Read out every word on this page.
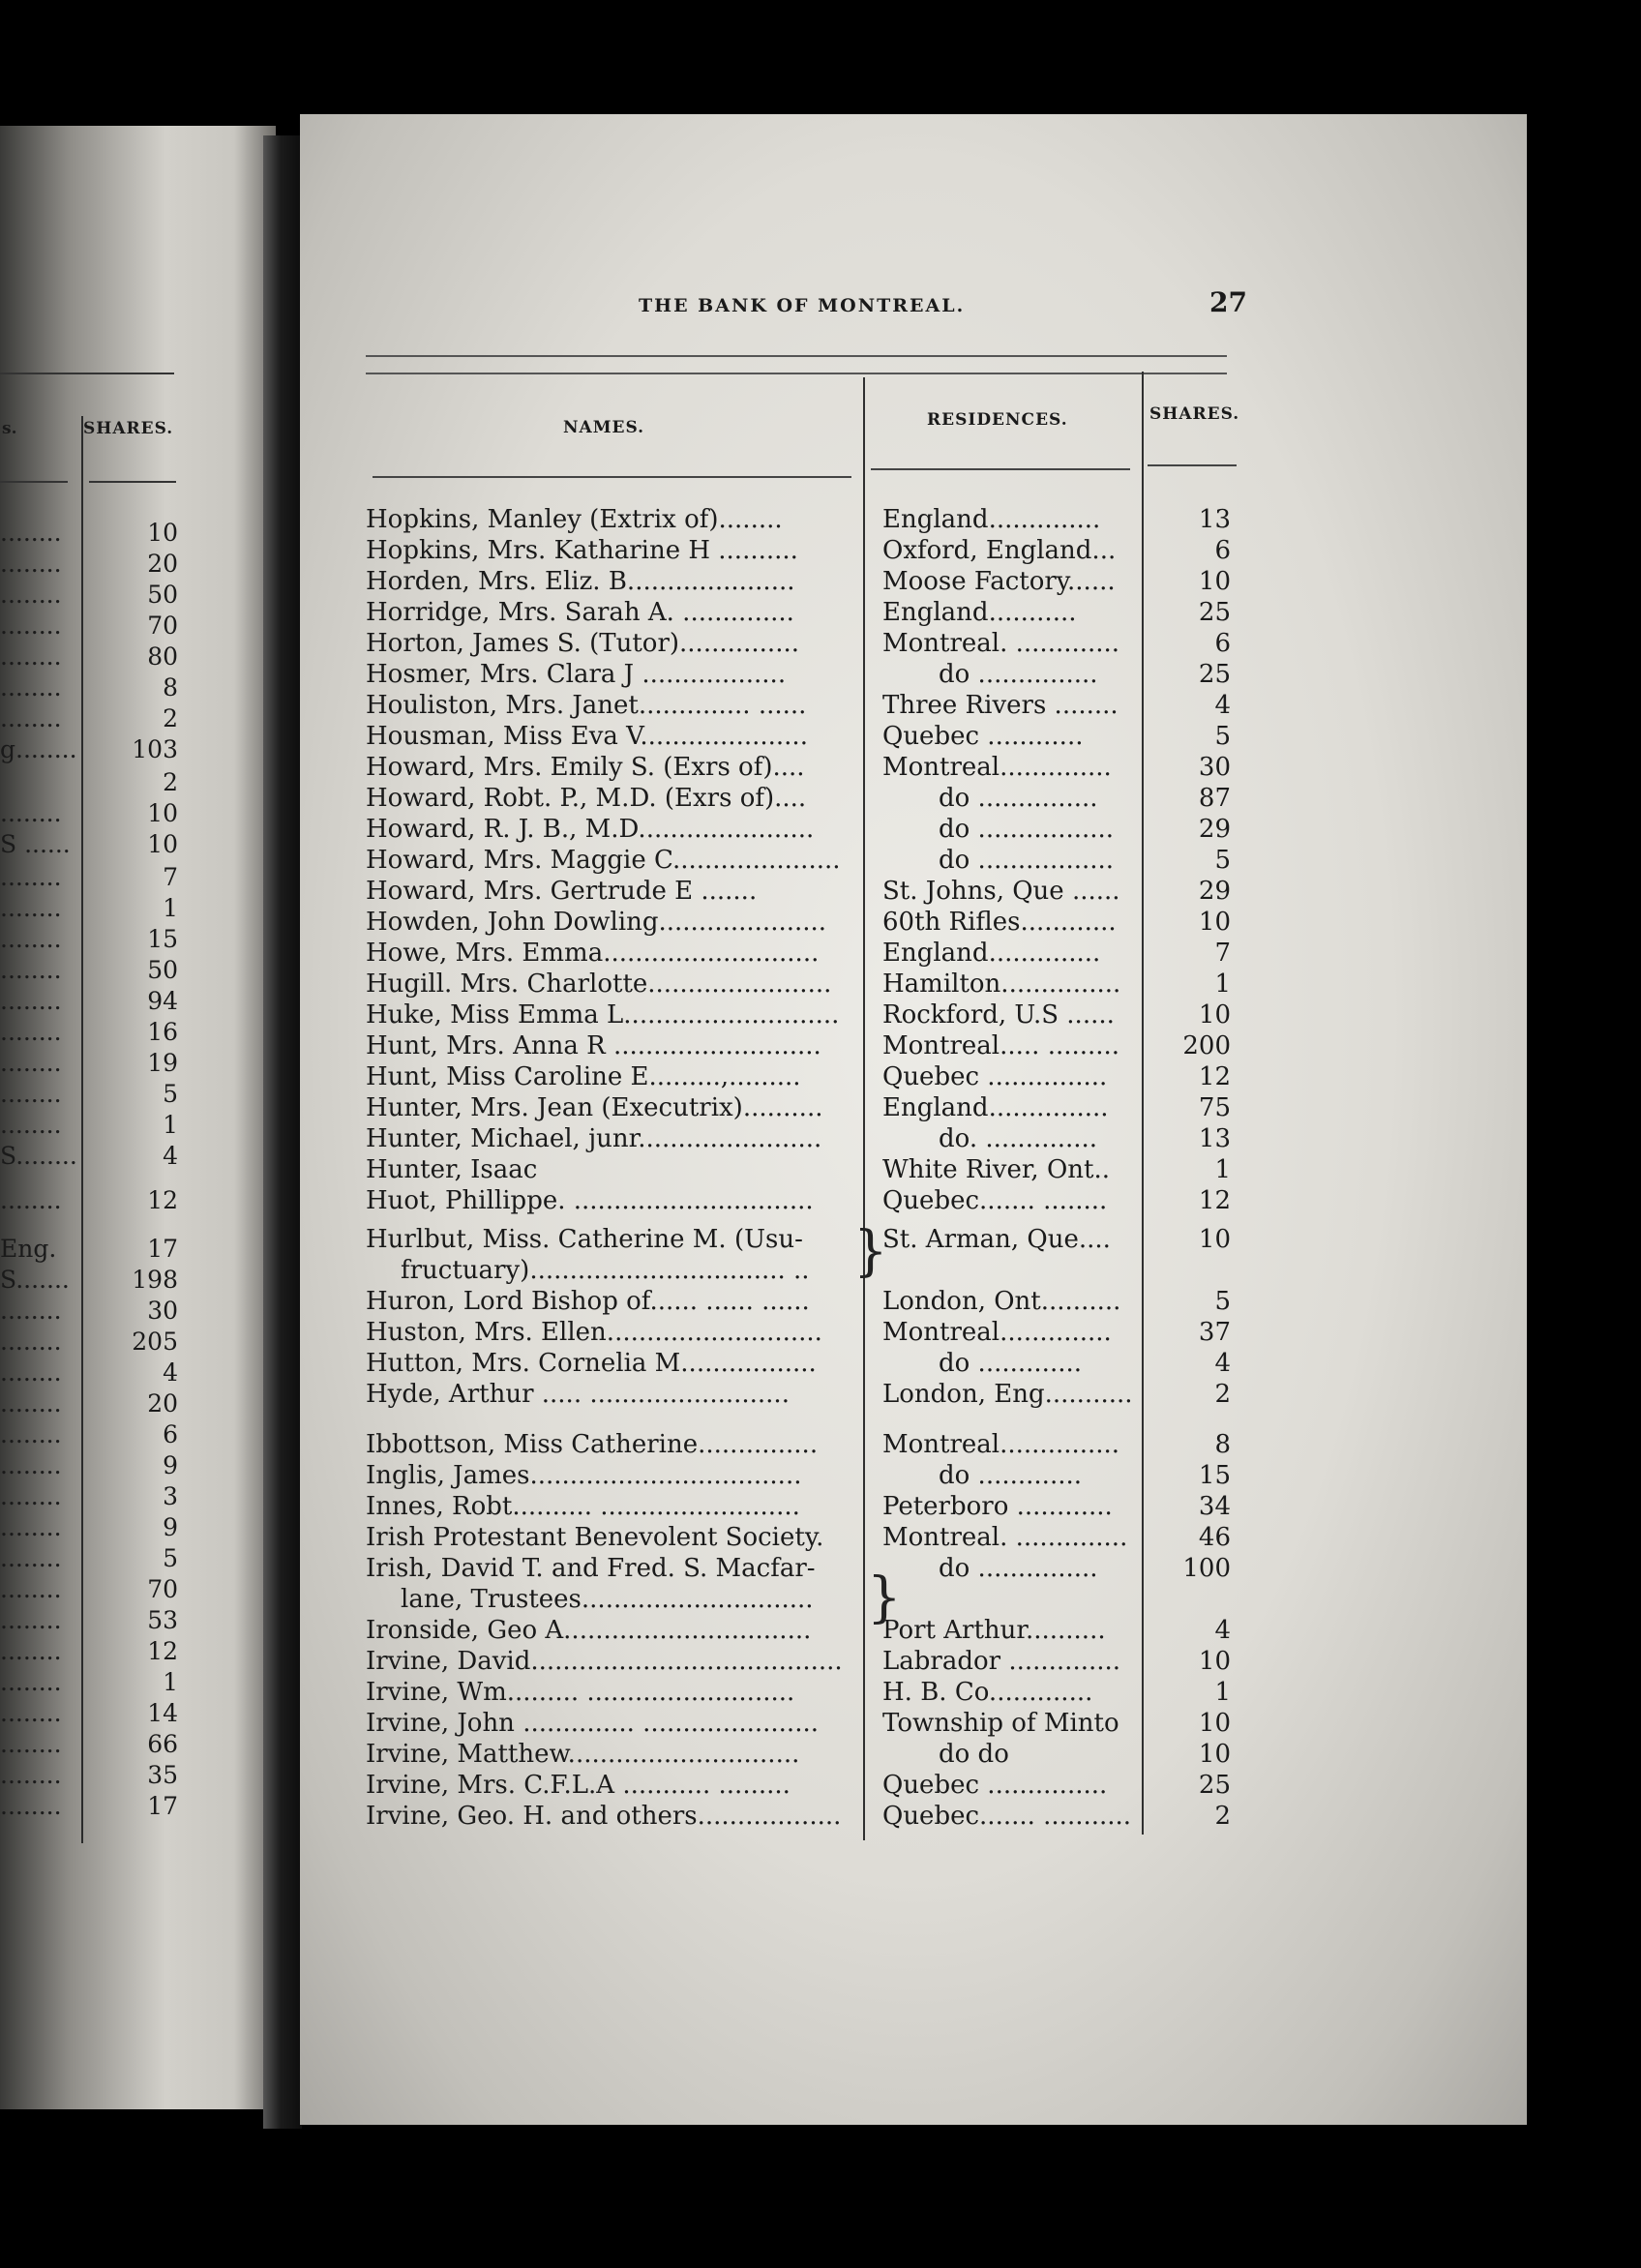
s.	SHARES.
........	10
........	20
........	50
........	70
........	80
........	8
........	2
g........ 103
2
........	10
S ......	10
........	7
........	1
........	15
........	50
........	94
........	16
........	19
........	5
........	1
S........	4
........	12
Eng.	17
S.......	198
........	30
........	205
........	4
........	20
........	6
........	9
........	3
........	9
........	5
........	70
........	53
........	12
........	1
........	14
........	66
........	35
........	17
THE BANK OF MONTREAL.	27
NAMES.	RESIDENCES.	SHARES.
Hopkins, Manley (Extrix of)........	England..............	13
Hopkins, Mrs. Katharine H ..........	Oxford, England...	6
Horden, Mrs. Eliz. B.....................	Moose Factory......	10
Horridge, Mrs. Sarah A. ..............	England...........	25
Horton, James S. (Tutor)...............	Montreal. .............	6
Hosmer, Mrs. Clara J ..................	do ...............	25
Houliston, Mrs. Janet.............. ......	Three Rivers ........	4
Housman, Miss Eva V.....................	Quebec ............	5
Howard, Mrs. Emily S. (Exrs of)....	Montreal..............	30
Howard, Robt. P., M.D. (Exrs of)....	do ...............	87
Howard, R. J. B., M.D......................	do .................	29
Howard, Mrs. Maggie C.....................	do .................	5
Howard, Mrs. Gertrude E .......	St. Johns, Que ......	29
Howden, John Dowling.....................	60th Rifles............	10
Howe, Mrs. Emma...........................	England..............	7
Hugill. Mrs. Charlotte.......................	Hamilton...............	1
Huke, Miss Emma L...........................	Rockford, U.S ......	10
Hunt, Mrs. Anna R ..........................	Montreal..... .........	200
Hunt, Miss Caroline E.........,.........	Quebec ...............	12
Hunter, Mrs. Jean (Executrix)..........	England...............	75
Hunter, Michael, junr.......................	do. ..............	13
Hunter, Isaac	White River, Ont..	1
Huot, Phillippe. ..............................	Quebec....... ........	12
Hurlbut, Miss. Catherine M. (Usu-	St. Arman, Que....	10
fructuary)................................ ..
Huron, Lord Bishop of...... ...... ......	London, Ont..........	5
Huston, Mrs. Ellen...........................	Montreal..............	37
Hutton, Mrs. Cornelia M.................	do .............	4
Hyde, Arthur ..... .........................	London, Eng...........	2
Ibbottson, Miss Catherine...............	Montreal...............	8
Inglis, James..................................	do .............	15
Innes, Robt.......... .........................	Peterboro ............	34
Irish Protestant Benevolent Society.	Montreal. ..............	46
Irish, David T. and Fred. S. Macfar-	do ...............	100
lane, Trustees.............................
Ironside, Geo A...............................	Port Arthur..........	4
Irvine, David.......................................	Labrador ..............	10
Irvine, Wm......... ..........................	H. B. Co.............	1
Irvine, John .............. ......................	Township of Minto	10
Irvine, Matthew.............................	do do	10
Irvine, Mrs. C.F.L.A ........... .........	Quebec ...............	25
Irvine, Geo. H. and others..................	Quebec....... ...........	2
}
}
